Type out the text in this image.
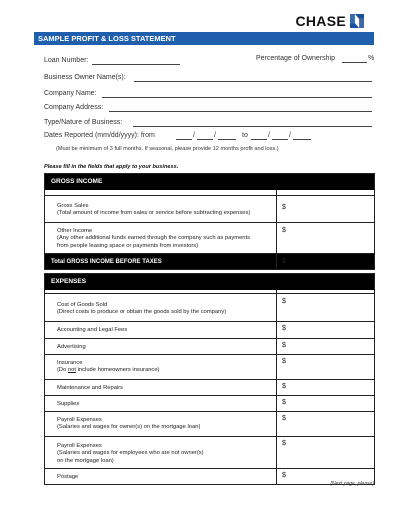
CHASE
SAMPLE PROFIT & LOSS STATEMENT
Loan Number:	Percentage of Ownership	%
Business Owner Name(s):
Company Name:
Company Address:
Type/Nature of Business:
Dates Reported (mm/dd/yyyy): from	/	/	to	/	/
(Must be minimum of 3 full months. If seasonal, please provide 12 months profit and loss.)
Please fill in the fields that apply to your business.
GROSS INCOME
Gross Sales
(Total amount of income from sales or service before subtracting expenses)
$
Other Income
(Any other additional funds earned through the company such as payments
from people leasing space or payments from investors)
$
Total GROSS INCOME BEFORE TAXES	$
EXPENSES
Cost of Goods Sold
(Direct costs to produce or obtain the goods sold by the company)
$
Accounting and Legal Fees	$
Advertising	$
Insurance
(Do not include homeowners insurance)
$
Maintenance and Repairs	$
Supplies	$
Payroll Expenses
(Salaries and wages for owner(s) on the mortgage loan)
$
Payroll Expenses
(Salaries and wages for employees who are not owner(s)
on the mortgage loan)
$
Postage	$
(Next page, please)
